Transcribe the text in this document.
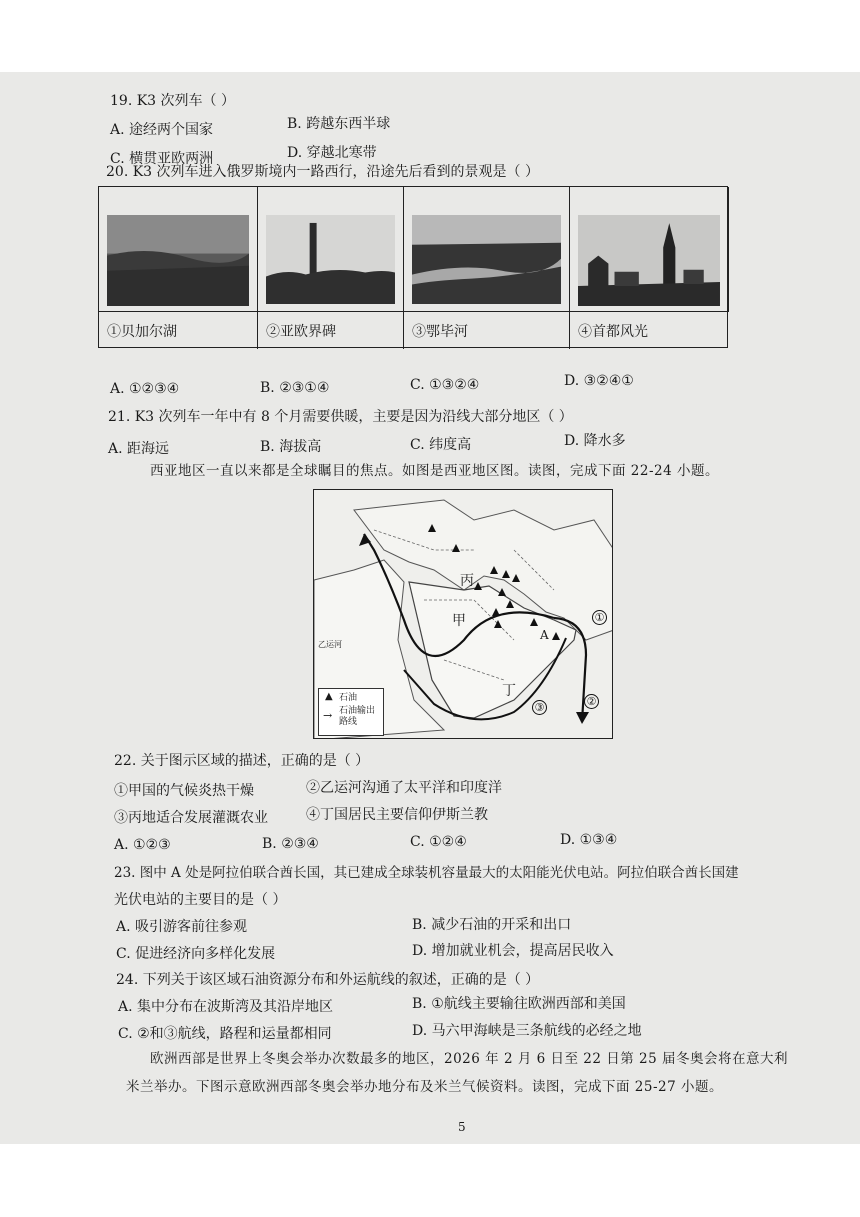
19. K3 次列车（ ）
A. 途经两个国家	B. 跨越东西半球
C. 横贯亚欧两洲	D. 穿越北寒带
20. K3 次列车进入俄罗斯境内一路西行，沿途先后看到的景观是（ ）
①贝加尔湖	②亚欧界碑	③鄂毕河	④首都风光
A. ①②③④	B. ②③①④	C. ①③②④	D. ③②④①
21. K3 次列车一年中有 8 个月需要供暖，主要是因为沿线大部分地区（ ）
A. 距海远	B. 海拔高	C. 纬度高	D. 降水多
西亚地区一直以来都是全球瞩目的焦点。如图是西亚地区图。读图，完成下面 22-24 小题。
丙
甲
丁
A
乙运河
①
②
③
▲ 石油
→ 石油输出路线
22. 关于图示区域的描述，正确的是（ ）
①甲国的气候炎热干燥	②乙运河沟通了太平洋和印度洋
③丙地适合发展灌溉农业	④丁国居民主要信仰伊斯兰教
A. ①②③	B. ②③④	C. ①②④	D. ①③④
23. 图中 A 处是阿拉伯联合酋长国，其已建成全球装机容量最大的太阳能光伏电站。阿拉伯联合酋长国建
光伏电站的主要目的是（ ）
A. 吸引游客前往参观	B. 减少石油的开采和出口
C. 促进经济向多样化发展	D. 增加就业机会，提高居民收入
24. 下列关于该区域石油资源分布和外运航线的叙述，正确的是（ ）
A. 集中分布在波斯湾及其沿岸地区	B. ①航线主要输往欧洲西部和美国
C. ②和③航线，路程和运量都相同	D. 马六甲海峡是三条航线的必经之地
欧洲西部是世界上冬奥会举办次数最多的地区，2026 年 2 月 6 日至 22 日第 25 届冬奥会将在意大利
米兰举办。下图示意欧洲西部冬奥会举办地分布及米兰气候资料。读图，完成下面 25-27 小题。
5
